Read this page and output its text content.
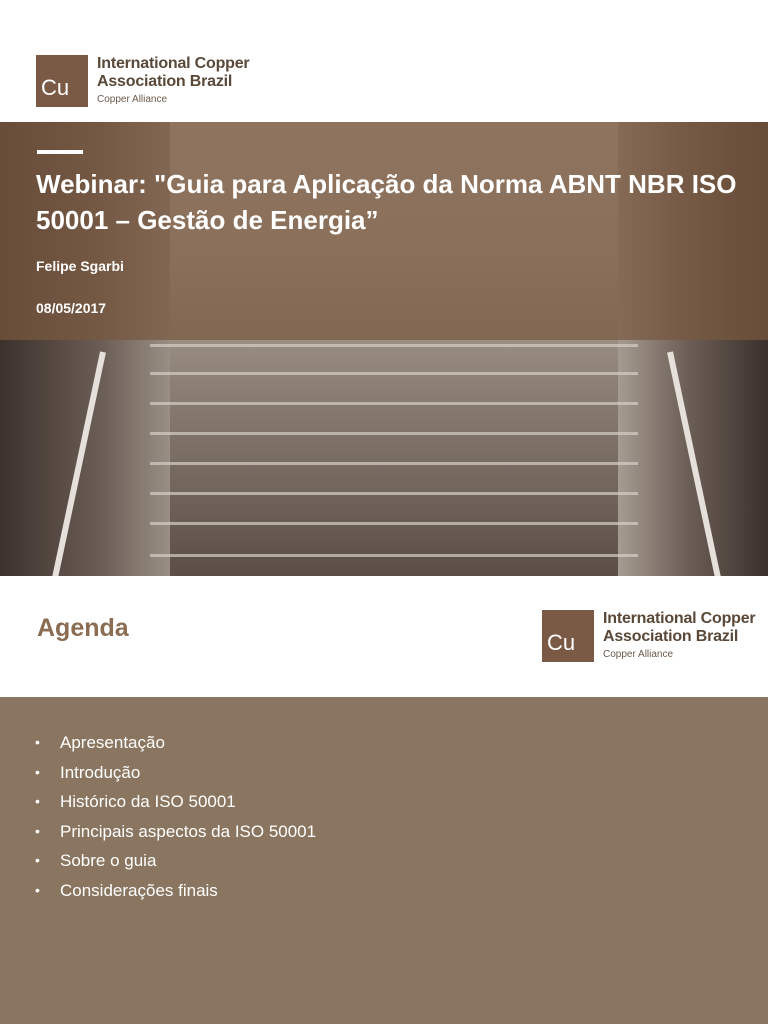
Cu
International Copper
Association Brazil
Copper Alliance
Webinar: "Guia para Aplicação da Norma ABNT NBR ISO 50001 – Gestão de Energia”
Felipe Sgarbi
08/05/2017
Agenda
Cu
International Copper
Association Brazil
Copper Alliance
•	Apresentação
•	Introdução
•	Histórico da ISO 50001
•	Principais aspectos da ISO 50001
•	Sobre o guia
•	Considerações finais
